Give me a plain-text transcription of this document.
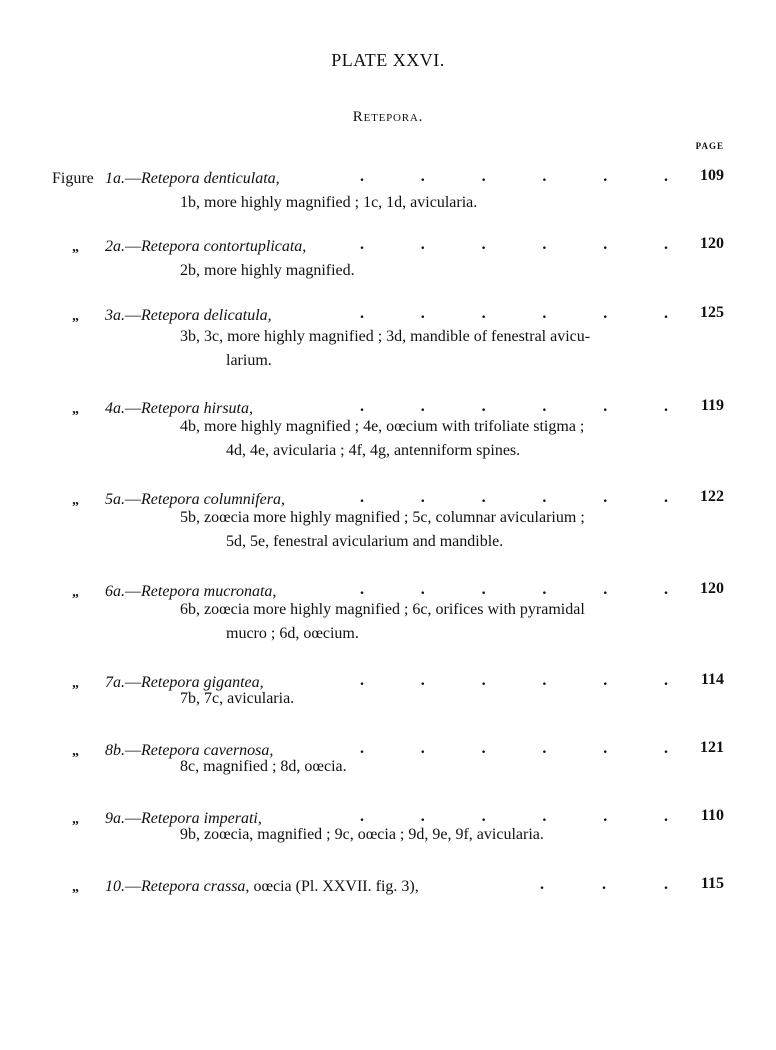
PLATE XXVI.
Retepora.
PAGE
Figure 1a.—Retepora denticulata,	.	.	.	.	.	. 109
1b, more highly magnified ; 1c, 1d, avicularia.
„ 2a.—Retepora contortuplicata,	.	.	.	.	.	. 120
2b, more highly magnified.
„ 3a.—Retepora delicatula,	.	.	.	.	.	. 125
3b, 3c, more highly magnified ; 3d, mandible of fenestral avicu-
larium.
„ 4a.—Retepora hirsuta,	.	.	.	.	.	. 119
4b, more highly magnified ; 4e, oœcium with trifoliate stigma ;
4d, 4e, avicularia ; 4f, 4g, antenniform spines.
„ 5a.—Retepora columnifera,	.	.	.	.	.	. 122
5b, zoœcia more highly magnified ; 5c, columnar avicularium ;
5d, 5e, fenestral avicularium and mandible.
„ 6a.—Retepora mucronata,	.	.	.	.	.	. 120
6b, zoœcia more highly magnified ; 6c, orifices with pyramidal
mucro ; 6d, oœcium.
„ 7a.—Retepora gigantea,	.	.	.	.	.	. 114
7b, 7c, avicularia.
„ 8b.—Retepora cavernosa,	.	.	.	.	.	. 121
8c, magnified ; 8d, oœcia.
„ 9a.—Retepora imperati,	.	.	.	.	.	. 110
9b, zoœcia, magnified ; 9c, oœcia ; 9d, 9e, 9f, avicularia.
„ 10.—Retepora crassa, oœcia (Pl. XXVII. fig. 3),	.	.	. 115
